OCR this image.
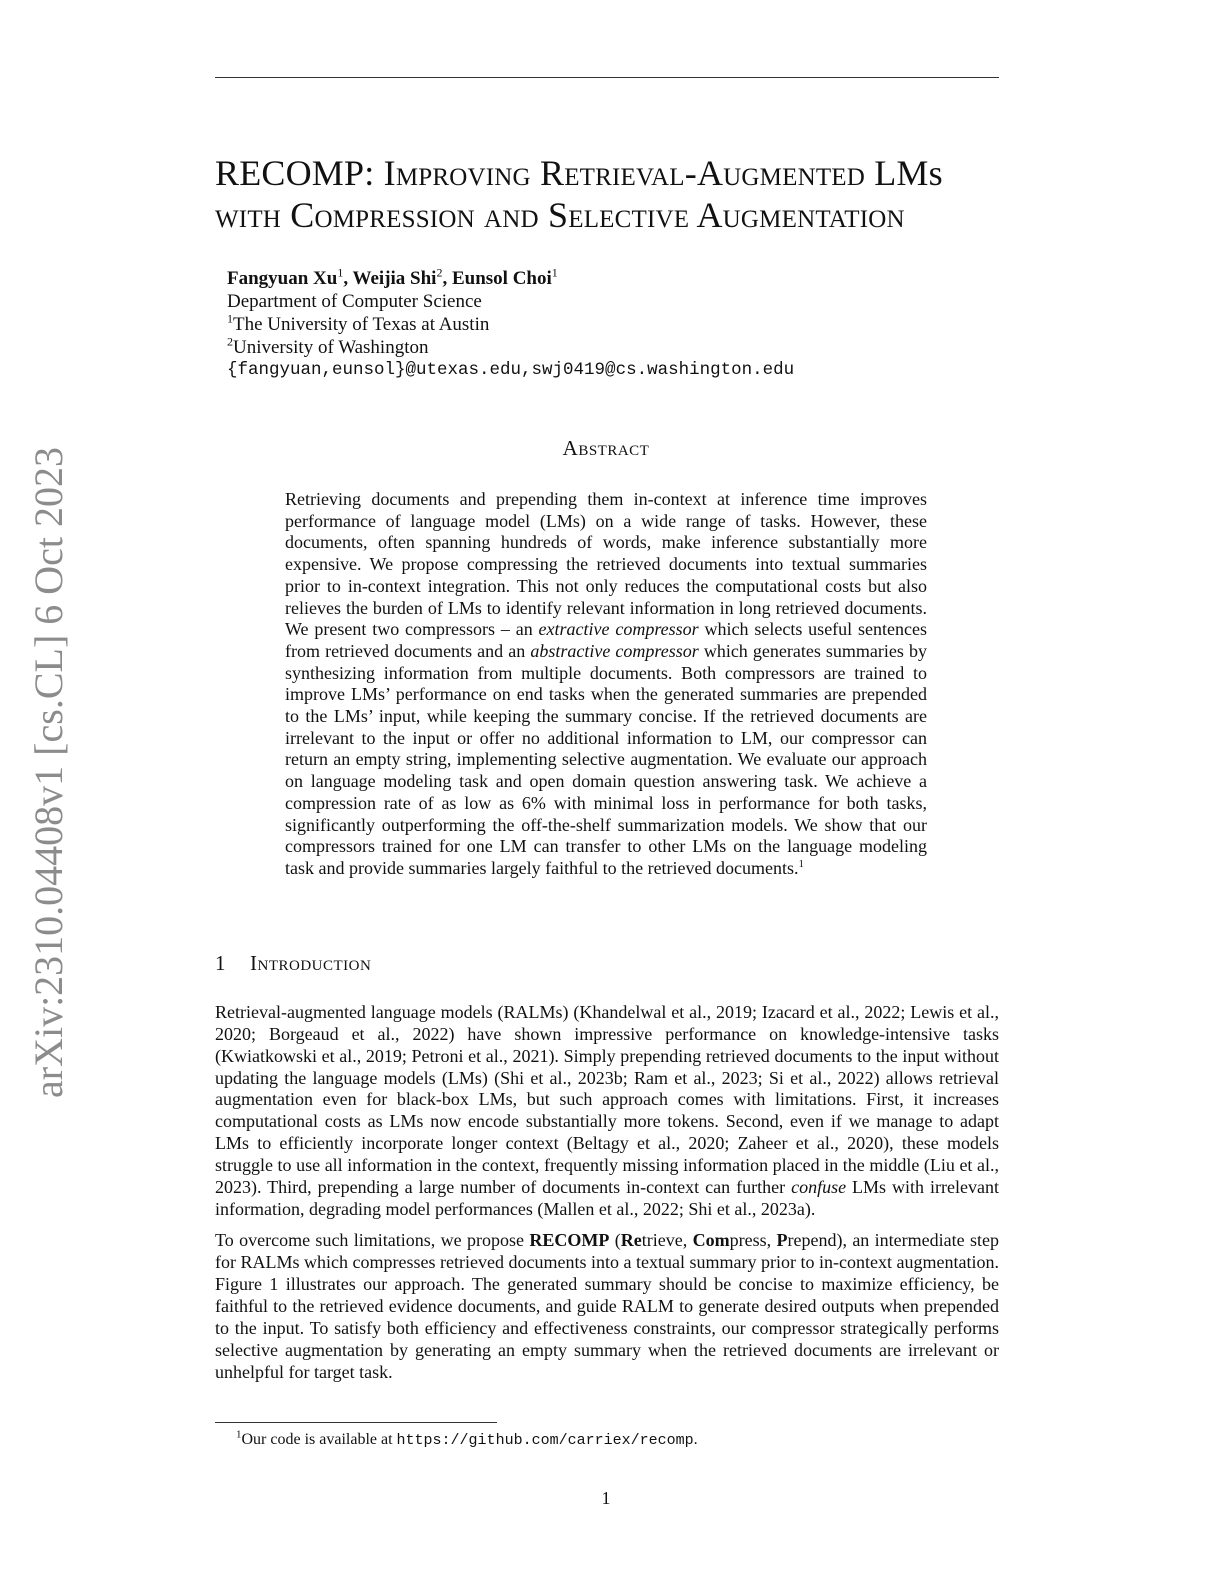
arXiv:2310.04408v1 [cs.CL] 6 Oct 2023
RECOMP: Improving Retrieval-Augmented LMs
with Compression and Selective Augmentation
Fangyuan Xu$^1$, Weijia Shi$^2$, Eunsol Choi$^1$
Department of Computer Science
$^1$The University of Texas at Austin
$^2$University of Washington
{fangyuan,eunsol}@utexas.edu,swj0419@cs.washington.edu
Abstract

Retrieving documents and prepending them in-context at inference time improves performance of language model (LMs) on a wide range of tasks. However, these documents, often spanning hundreds of words, make inference substantially more expensive. We propose compressing the retrieved documents into textual summaries prior to in-context integration. This not only reduces the computational costs but also relieves the burden of LMs to identify relevant information in long retrieved documents. We present two compressors – an extractive compressor which selects useful sentences from retrieved documents and an abstractive compressor which generates summaries by synthesizing information from multiple documents. Both compressors are trained to improve LMs’ performance on end tasks when the generated summaries are prepended to the LMs’ input, while keeping the summary concise. If the retrieved documents are irrelevant to the input or offer no additional information to LM, our compressor can return an empty string, implementing selective augmentation. We evaluate our approach on language modeling task and open domain question answering task. We achieve a compression rate of as low as 6% with minimal loss in performance for both tasks, significantly outperforming the off-the-shelf summarization models. We show that our compressors trained for one LM can transfer to other LMs on the language modeling task and provide summaries largely faithful to the retrieved documents.$^1$

1 Introduction

Retrieval-augmented language models (RALMs) (Khandelwal et al., 2019; Izacard et al., 2022; Lewis et al., 2020; Borgeaud et al., 2022) have shown impressive performance on knowledge-intensive tasks (Kwiatkowski et al., 2019; Petroni et al., 2021). Simply prepending retrieved documents to the input without updating the language models (LMs) (Shi et al., 2023b; Ram et al., 2023; Si et al., 2022) allows retrieval augmentation even for black-box LMs, but such approach comes with limitations. First, it increases computational costs as LMs now encode substantially more tokens. Second, even if we manage to adapt LMs to efficiently incorporate longer context (Beltagy et al., 2020; Zaheer et al., 2020), these models struggle to use all information in the context, frequently missing information placed in the middle (Liu et al., 2023). Third, prepending a large number of documents in-context can further confuse LMs with irrelevant information, degrading model performances (Mallen et al., 2022; Shi et al., 2023a).

To overcome such limitations, we propose RECOMP (Retrieve, Compress, Prepend), an intermediate step for RALMs which compresses retrieved documents into a textual summary prior to in-context augmentation. Figure 1 illustrates our approach. The generated summary should be concise to maximize efficiency, be faithful to the retrieved evidence documents, and guide RALM to generate desired outputs when prepended to the input. To satisfy both efficiency and effectiveness constraints, our compressor strategically performs selective augmentation by generating an empty summary when the retrieved documents are irrelevant or unhelpful for target task.

$^1$Our code is available at https://github.com/carriex/recomp.
1
